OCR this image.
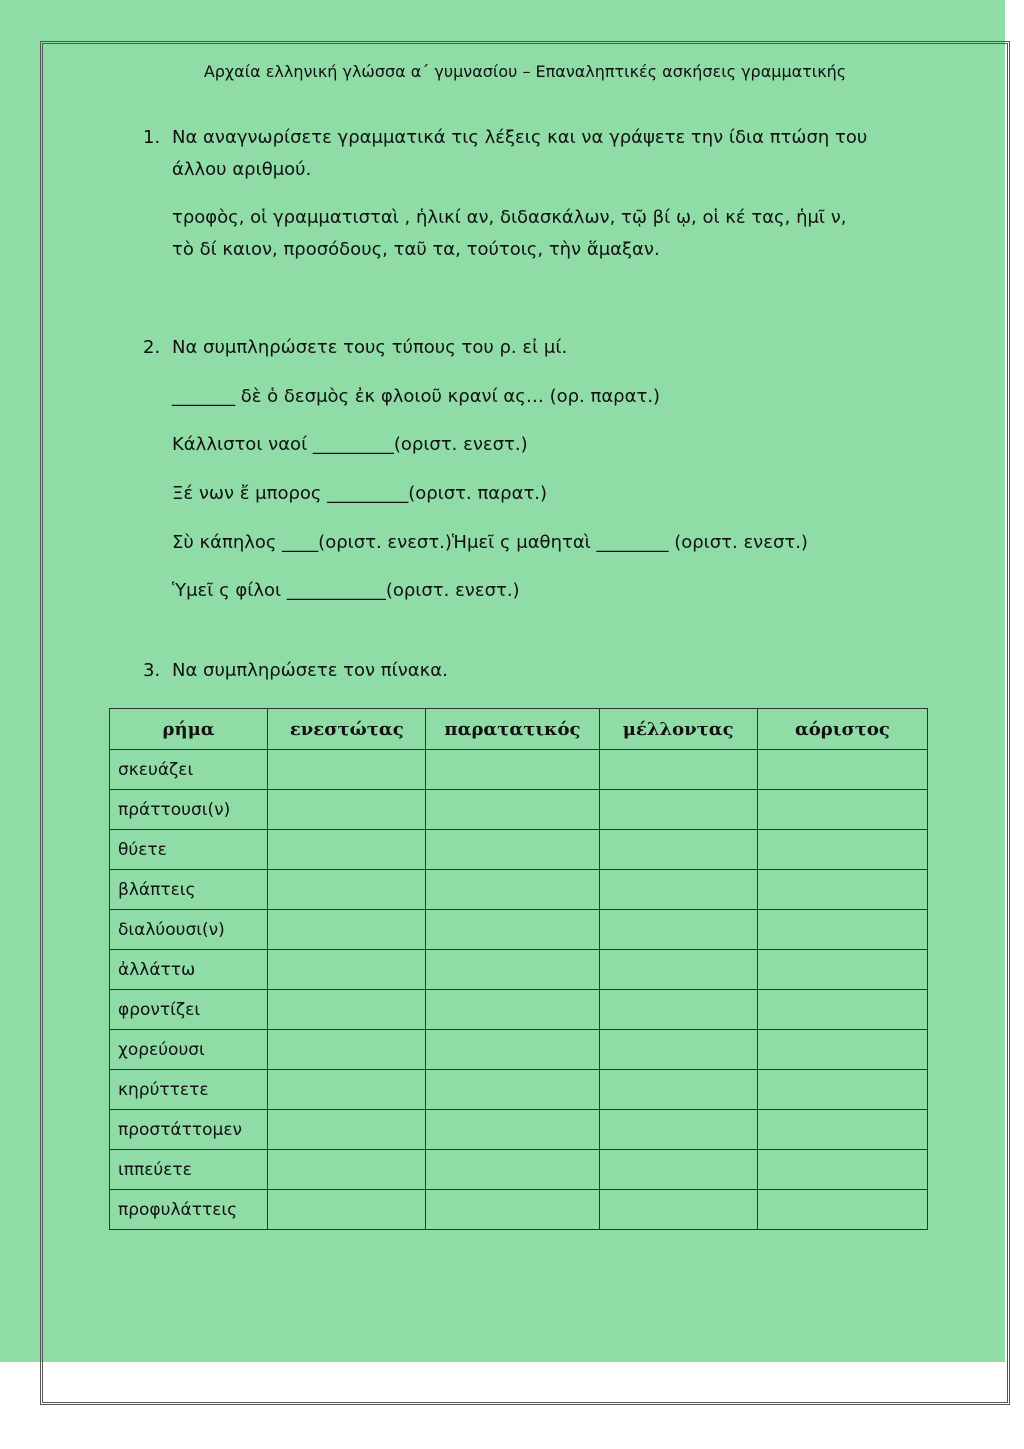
Αρχαία ελληνική γλώσσα α΄ γυμνασίου – Επαναληπτικές ασκήσεις γραμματικής
1. Να αναγνωρίσετε γραμματικά τις λέξεις και να γράψετε την ίδια πτώση του
άλλου αριθμού.
τροφὸς, οἱ γραμματισταὶ , ἡλικί αν, διδασκάλων, τῷ βί ῳ, οἱ κέ τας, ἡμῖ ν,
τὸ δί καιον, προσόδους, ταῦ τα, τούτοις, τὴν ἅμαξαν.
2. Να συμπληρώσετε τους τύπους του ρ. εἰ μί.
_______ δὲ ὁ δεσμὸς ἐκ φλοιοῦ κρανί ας… (ορ. παρατ.)
Κάλλιστοι ναοί _________(οριστ. ενεστ.)
Ξέ νων ἔ μπορος _________(οριστ. παρατ.)
Σὺ κάπηλος ____(οριστ. ενεστ.)Ἡμεῖ ς μαθηταὶ ________ (οριστ. ενεστ.)
Ὑμεῖ ς φίλοι ___________(οριστ. ενεστ.)
3. Να συμπληρώσετε τον πίνακα.
ρήμα	ενεστώτας	παρατατικός	μέλλοντας	αόριστος
σκευάζει				
πράττουσι(ν)				
θύετε				
βλάπτεις				
διαλύουσι(ν)				
ἀλλάττω				
φροντίζει				
χορεύουσι				
κηρύττετε				
προστάττομεν				
ιππεύετε				
προφυλάττεις				
